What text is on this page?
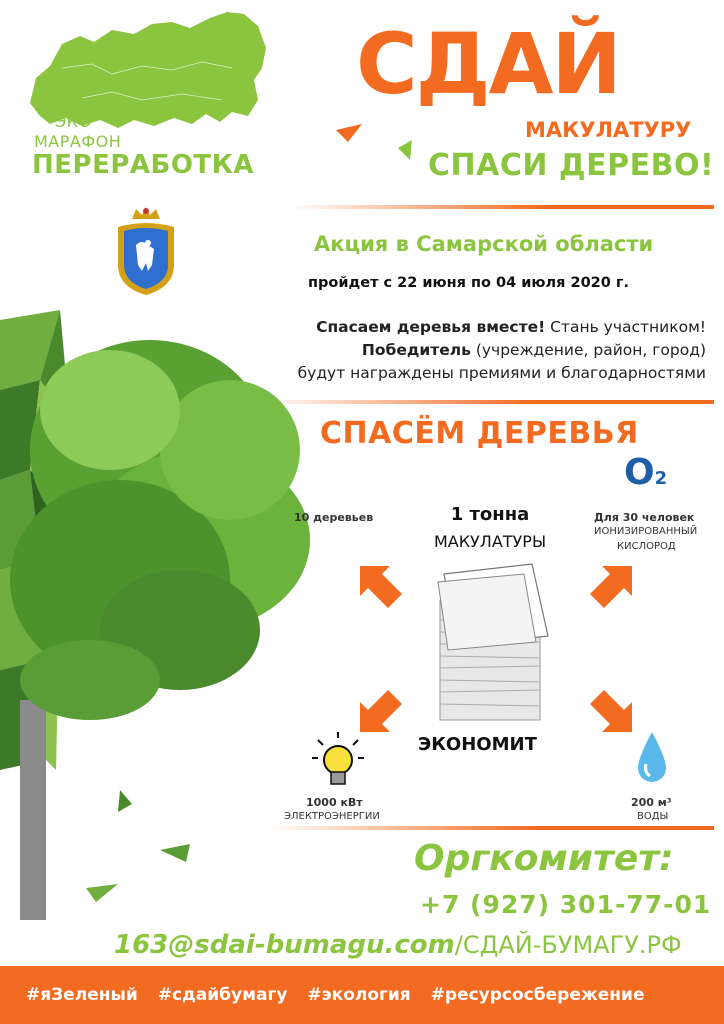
ЭКО
МАРАФОН
ПЕРЕРАБОТКА
СДАЙ
МАКУЛАТУРУ
СПАСИ ДЕРЕВО!
Акция в Самарской области
пройдет с 22 июня по 04 июля 2020 г.
Спасаем деревья вместе! Стань участником!
Победитель (учреждение, район, город)
будут награждены премиями и благодарностями
СПАСЁМ ДЕРЕВЬЯ
10 деревьев	1 тонна
МАКУЛАТУРЫ
O2
Для 30 человек
ИОНИЗИРОВАННЫЙ
КИСЛОРОД
ЭКОНОМИТ
1000 кВт
ЭЛЕКТРОЭНЕРГИИ
200 м³
ВОДЫ
Оргкомитет:
+7 (927) 301-77-01
163@sdai-bumagu.com/СДАЙ-БУМАГУ.РФ
#яЗеленый #сдайбумагу #экология #ресурсосбережение
